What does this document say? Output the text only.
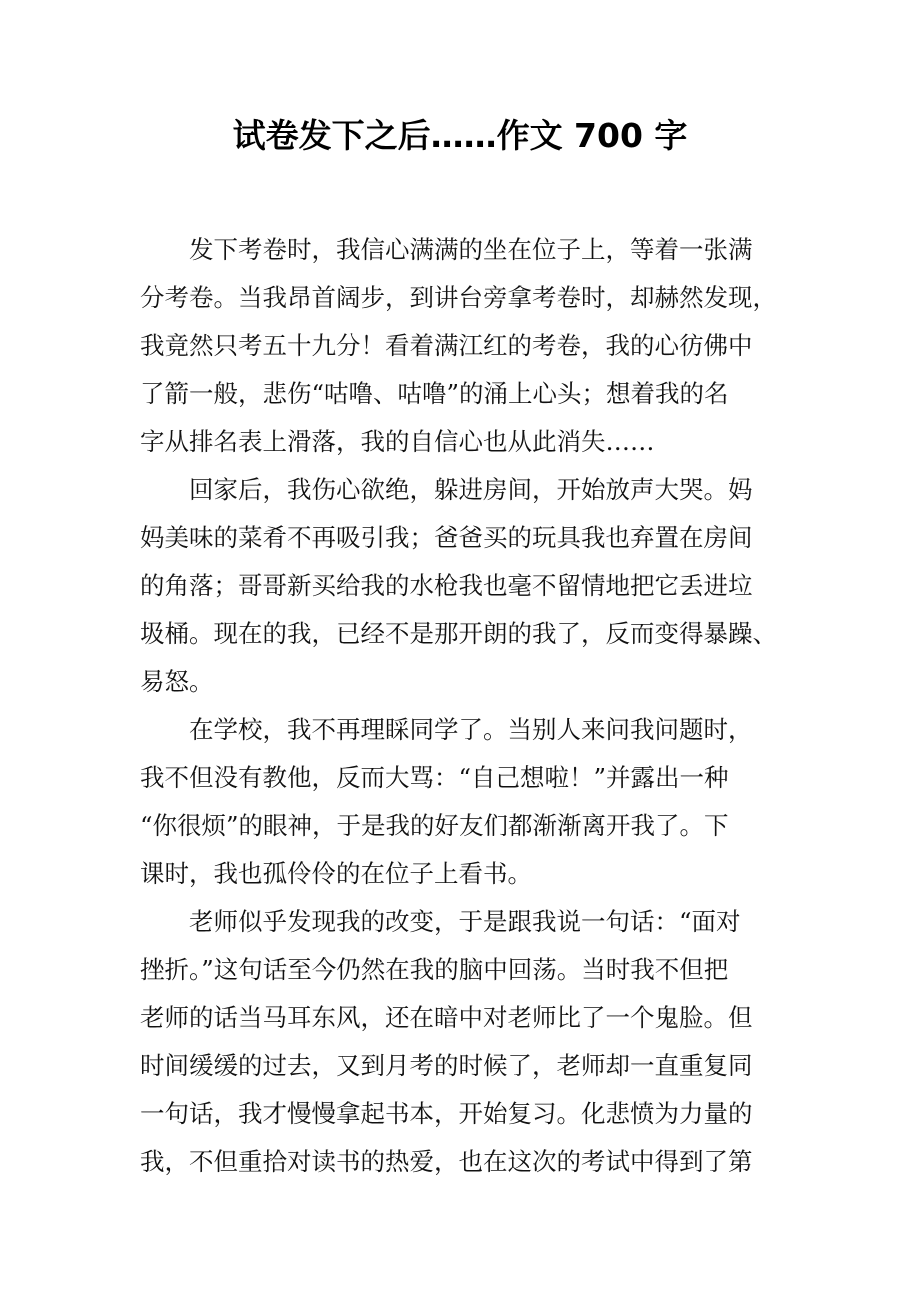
试卷发下之后……作文 700 字
发下考卷时，我信心满满的坐在位子上，等着一张满
分考卷。当我昂首阔步，到讲台旁拿考卷时，却赫然发现，
我竟然只考五十九分！看着满江红的考卷，我的心彷佛中
了箭一般，悲伤“咕噜、咕噜”的涌上心头；想着我的名
字从排名表上滑落，我的自信心也从此消失……
回家后，我伤心欲绝，躲进房间，开始放声大哭。妈
妈美味的菜肴不再吸引我；爸爸买的玩具我也弃置在房间
的角落；哥哥新买给我的水枪我也毫不留情地把它丢进垃
圾桶。现在的我，已经不是那开朗的我了，反而变得暴躁、
易怒。
在学校，我不再理睬同学了。当别人来问我问题时，
我不但没有教他，反而大骂：“自己想啦！”并露出一种
“你很烦”的眼神，于是我的好友们都渐渐离开我了。下
课时，我也孤伶伶的在位子上看书。
老师似乎发现我的改变，于是跟我说一句话：“面对
挫折。”这句话至今仍然在我的脑中回荡。当时我不但把
老师的话当马耳东风，还在暗中对老师比了一个鬼脸。但
时间缓缓的过去，又到月考的时候了，老师却一直重复同
一句话，我才慢慢拿起书本，开始复习。化悲愤为力量的
我，不但重拾对读书的热爱，也在这次的考试中得到了第
